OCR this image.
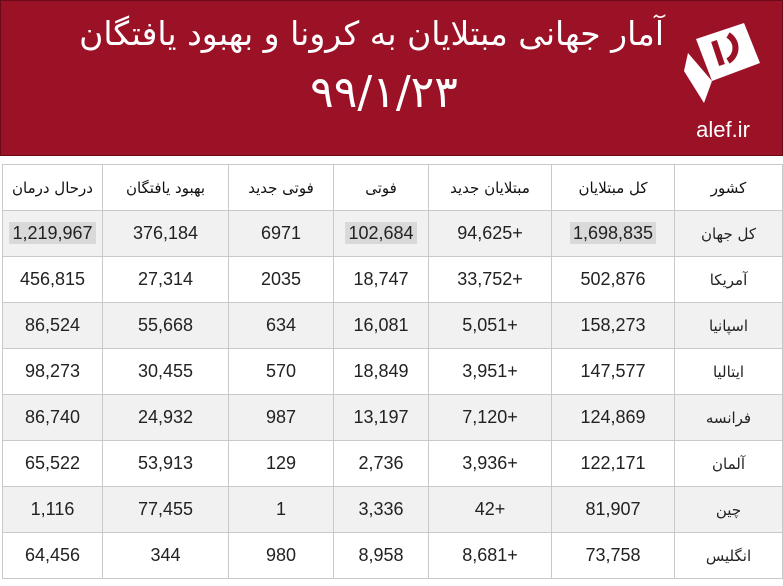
آمار جهانی مبتلایان به کرونا و بهبود یافتگان
۹۹/۱/۲۳
alef.ir
کشور	کل مبتلایان	مبتلایان جدید	فوتی	فوتی جدید	بهبود یافتگان	درحال درمان
کل جهان	1,698,835	+94,625	102,684	6971	376,184	1,219,967
آمریکا	502,876	+33,752	18,747	2035	27,314	456,815
اسپانیا	158,273	+5,051	16,081	634	55,668	86,524
ایتالیا	147,577	+3,951	18,849	570	30,455	98,273
فرانسه	124,869	+7,120	13,197	987	24,932	86,740
آلمان	122,171	+3,936	2,736	129	53,913	65,522
چین	81,907	+42	3,336	1	77,455	1,116
انگلیس	73,758	+8,681	8,958	980	344	64,456
